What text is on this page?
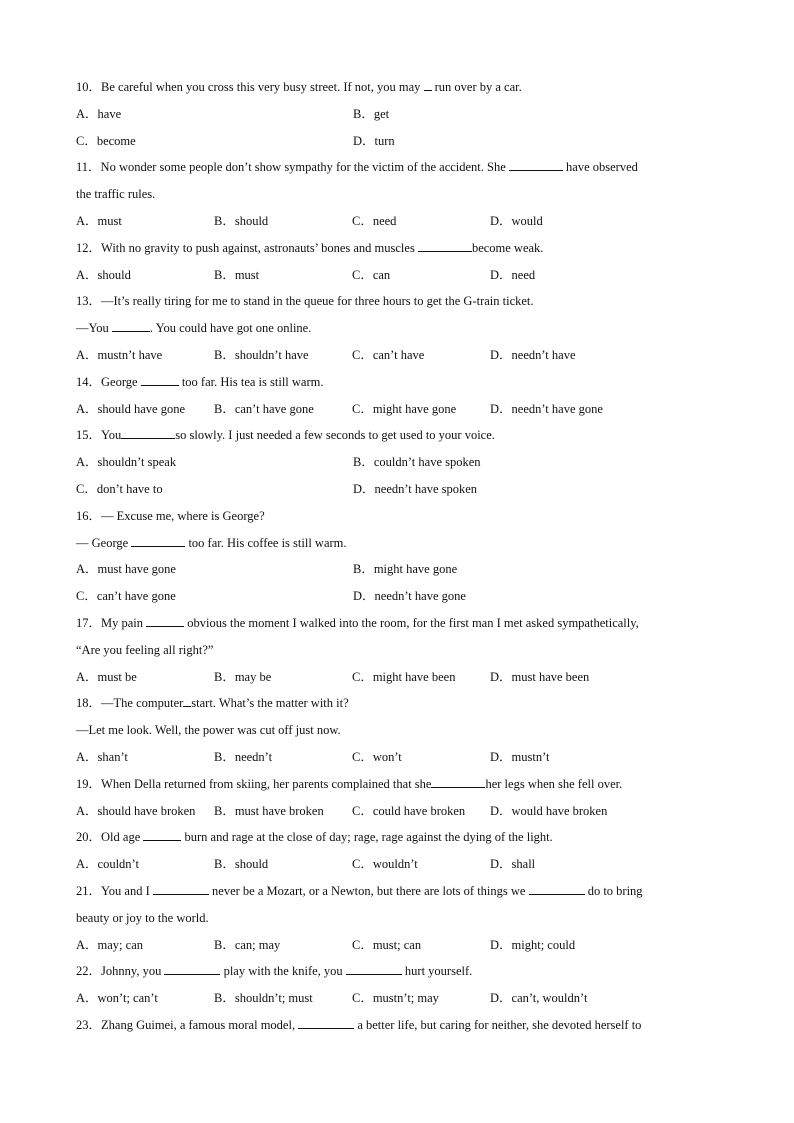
10．Be careful when you cross this very busy street. If not, you may  run over by a car.
A．have	B．get
C．become	D．turn
11．No wonder some people don’t show sympathy for the victim of the accident. She	have observed
the traffic rules.
A．must	B．should	C．need	D．would
12．With no gravity to push against, astronauts’ bones and muscles	become weak.
A．should	B．must	C．can	D．need
13．—It’s really tiring for me to stand in the queue for three hours to get the G-train ticket.
—You	. You could have got one online.
A．mustn’t have	B．shouldn’t have	C．can’t have	D．needn’t have
14．George	too far. His tea is still warm.
A．should have gone	B．can’t have gone	C．might have gone	D．needn’t have gone
15．You	so slowly. I just needed a few seconds to get used to your voice.
A．shouldn’t speak	B．couldn’t have spoken
C．don’t have to	D．needn’t have spoken
16．— Excuse me, where is George?
— George	too far. His coffee is still warm.
A．must have gone	B．might have gone
C．can’t have gone	D．needn’t have gone
17．My pain	obvious the moment I walked into the room, for the first man I met asked sympathetically,
“Are you feeling all right?”
A．must be	B．may be	C．might have been	D．must have been
18．—The computer start. What’s the matter with it?
—Let me look. Well, the power was cut off just now.
A．shan’t	B．needn’t	C．won’t	D．mustn’t
19．When Della returned from skiing, her parents complained that she	her legs when she fell over.
A．should have broken	B．must have broken	C．could have broken	D．would have broken
20．Old age	burn and rage at the close of day; rage, rage against the dying of the light.
A．couldn’t	B．should	C．wouldn’t	D．shall
21．You and I	never be a Mozart, or a Newton, but there are lots of things we	do to bring
beauty or joy to the world.
A．may; can	B．can; may	C．must; can	D．might; could
22．Johnny, you	play with the knife, you	hurt yourself.
A．won’t; can’t	B．shouldn’t; must	C．mustn’t; may	D．can’t, wouldn’t
23．Zhang Guimei, a famous moral model,	a better life, but caring for neither, she devoted herself to
